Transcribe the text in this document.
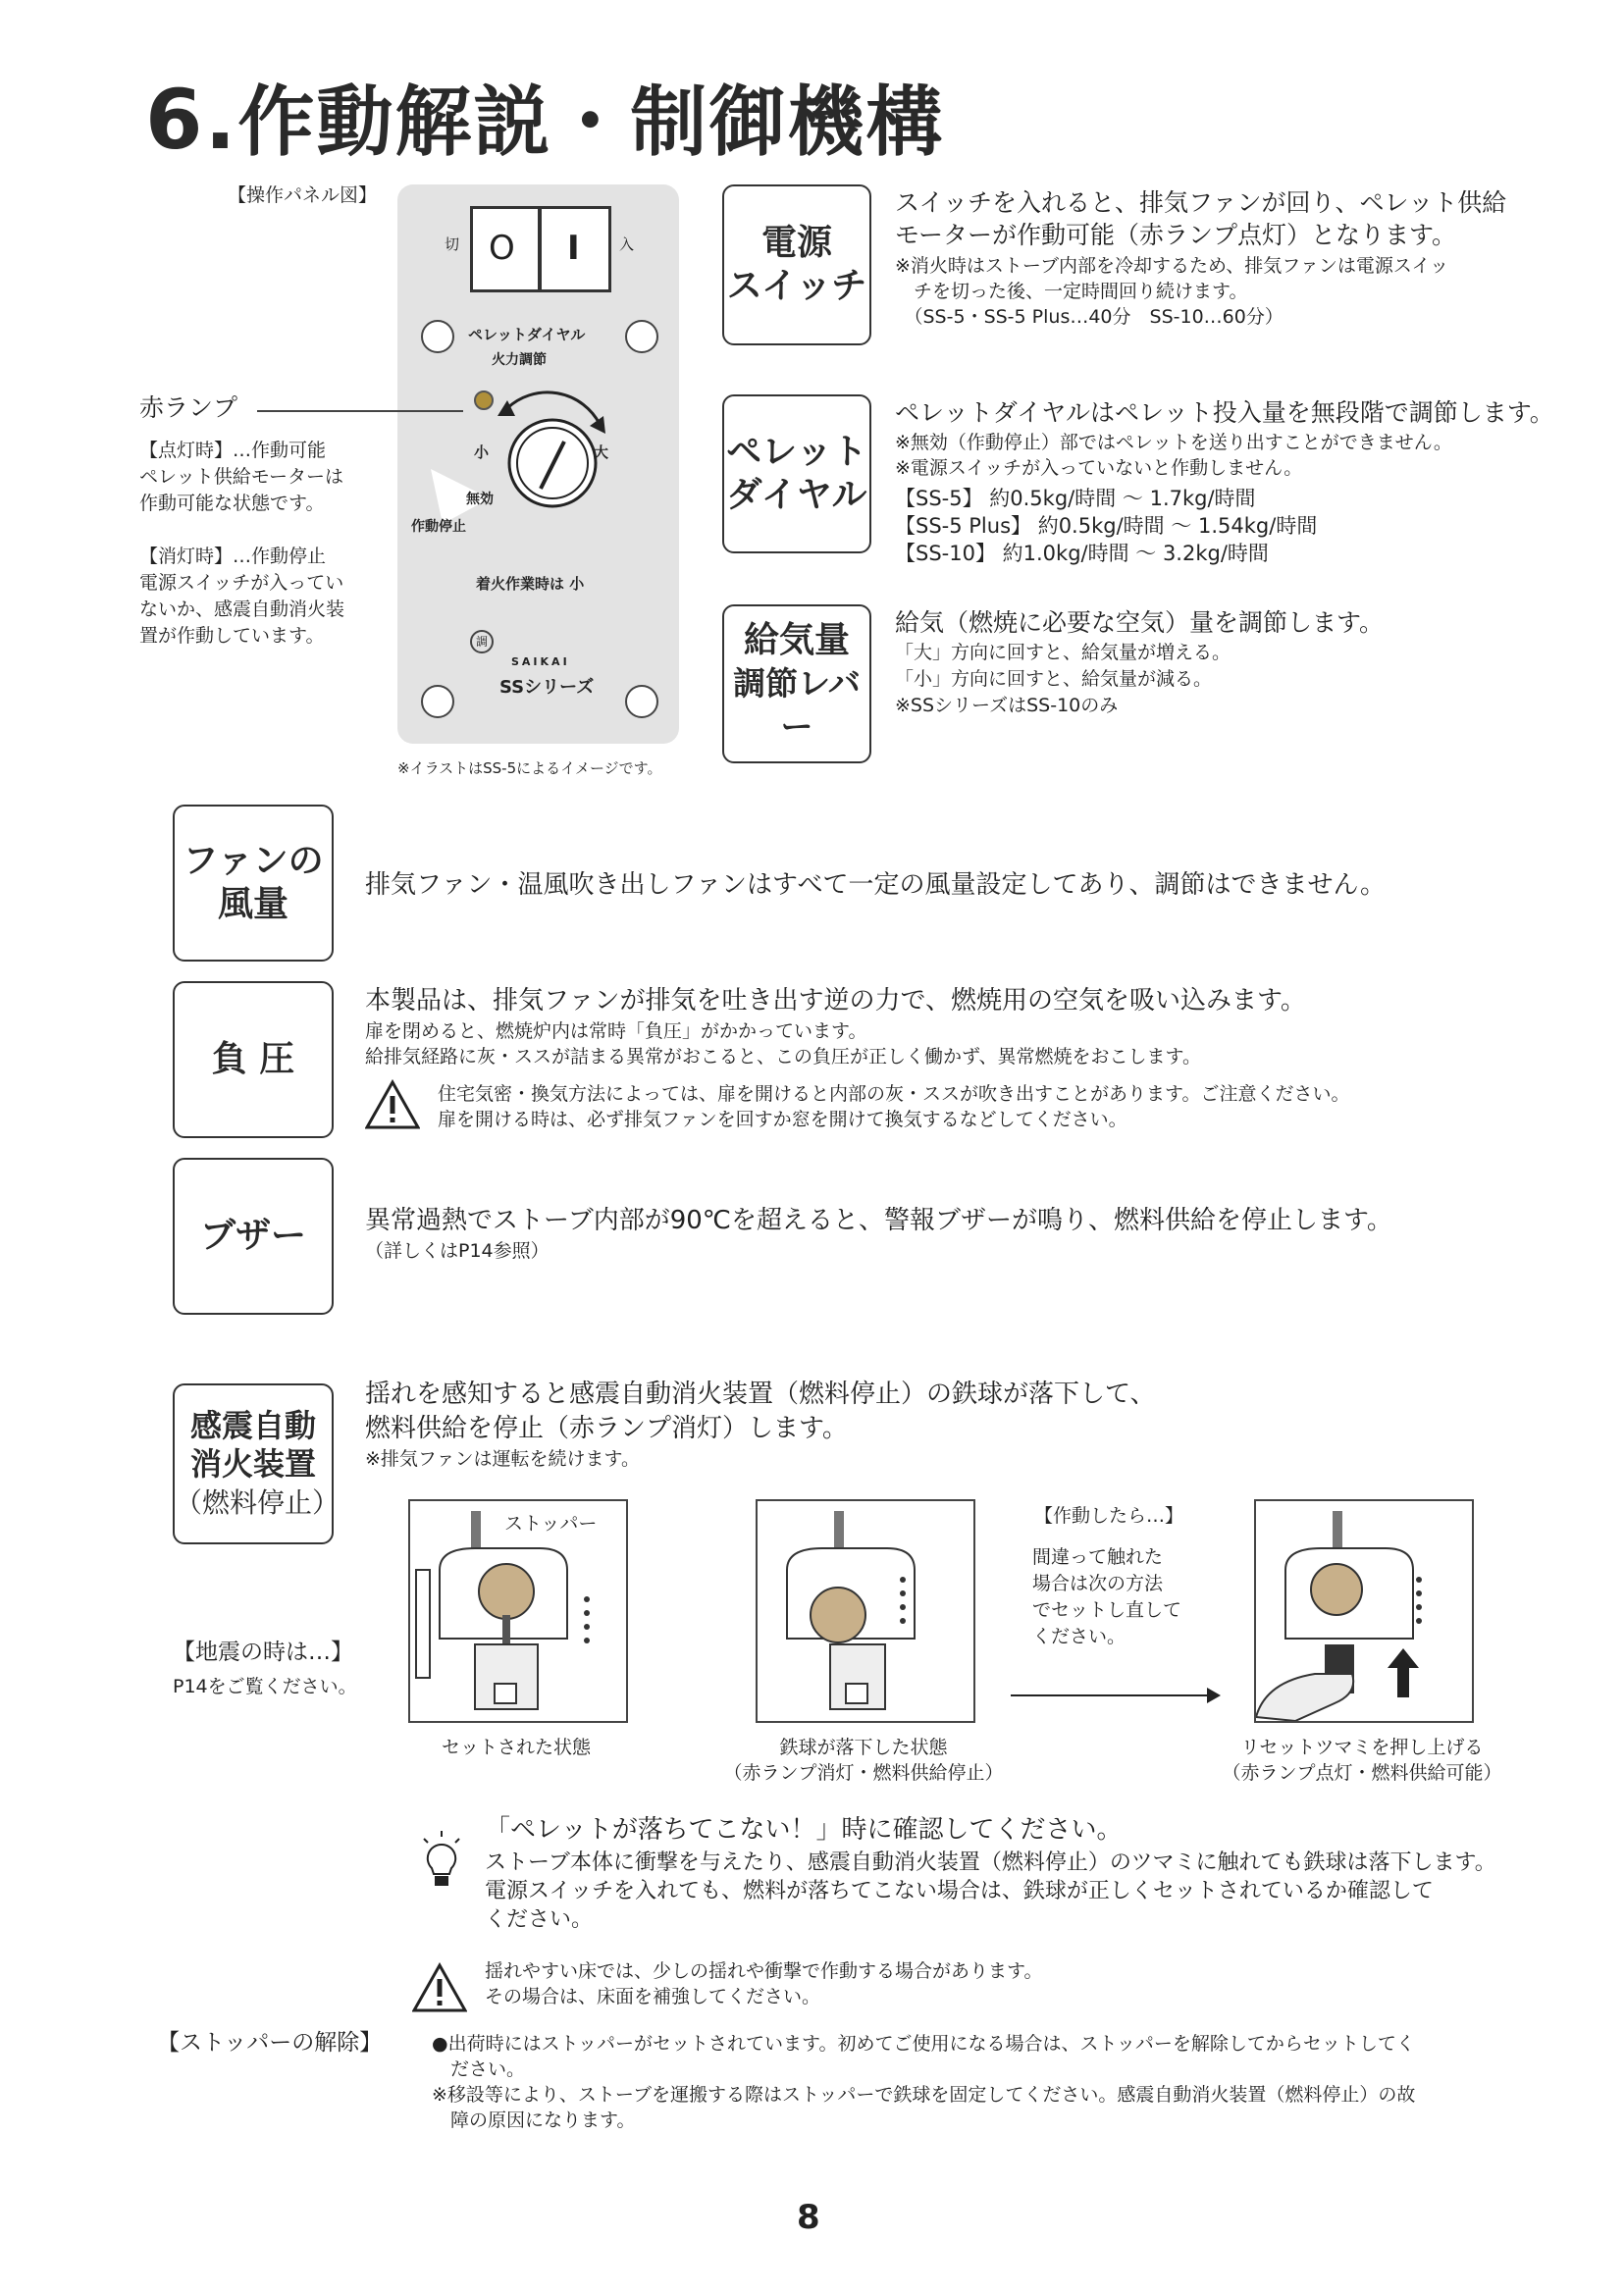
6.作動解説・制御機構
【操作パネル図】
切	入
O I
ペレットダイヤル
火力調節
小	大
無効
作動停止
着火作業時は 小
調
SAIKAI
SSシリーズ
※イラストはSS-5によるイメージです。
赤ランプ
【点灯時】…作動可能
ペレット供給モーターは
作動可能な状態です。
【消灯時】…作動停止
電源スイッチが入ってい
ないか、感震自動消火装
置が作動しています。
電源
スイッチ
スイッチを入れると、排気ファンが回り、ペレット供給
モーターが作動可能（赤ランプ点灯）となります。
※消火時はストーブ内部を冷却するため、排気ファンは電源スイッ
　チを切った後、一定時間回り続けます。
　（SS-5・SS-5 Plus…40分　SS-10…60分）
ペレット
ダイヤル
ペレットダイヤルはペレット投入量を無段階で調節します。
※無効（作動停止）部ではペレットを送り出すことができません。
※電源スイッチが入っていないと作動しません。
【SS-5】 約0.5kg/時間 ～ 1.7kg/時間
【SS-5 Plus】 約0.5kg/時間 ～ 1.54kg/時間
【SS-10】 約1.0kg/時間 ～ 3.2kg/時間
給気量
調節レバー
給気（燃焼に必要な空気）量を調節します。
「大」方向に回すと、給気量が増える。
「小」方向に回すと、給気量が減る。
※SSシリーズはSS-10のみ
ファンの
風量	排気ファン・温風吹き出しファンはすべて一定の風量設定してあり、調節はできません。
負 圧
本製品は、排気ファンが排気を吐き出す逆の力で、燃焼用の空気を吸い込みます。
扉を閉めると、燃焼炉内は常時「負圧」がかかっています。
給排気経路に灰・ススが詰まる異常がおこると、この負圧が正しく働かず、異常燃焼をおこします。
住宅気密・換気方法によっては、扉を開けると内部の灰・ススが吹き出すことがあります。ご注意ください。
扉を開ける時は、必ず排気ファンを回すか窓を開けて換気するなどしてください。
ブザー 異常過熱でストーブ内部が90℃を超えると、警報ブザーが鳴り、燃料供給を停止します。
（詳しくはP14参照）
感震自動
消火装置
（燃料停止）
揺れを感知すると感震自動消火装置（燃料停止）の鉄球が落下して、
燃料供給を停止（赤ランプ消灯）します。
※排気ファンは運転を続けます。
【地震の時は…】
P14をご覧ください。
ストッパー
セットされた状態	鉄球が落下した状態
（赤ランプ消灯・燃料供給停止）
【作動したら…】
間違って触れた
場合は次の方法
でセットし直して
ください。
リセットツマミを押し上げる
（赤ランプ点灯・燃料供給可能）
「ペレットが落ちてこない！」時に確認してください。
ストーブ本体に衝撃を与えたり、感震自動消火装置（燃料停止）のツマミに触れても鉄球は落下します。
電源スイッチを入れても、燃料が落ちてこない場合は、鉄球が正しくセットされているか確認して
ください。
揺れやすい床では、少しの揺れや衝撃で作動する場合があります。
その場合は、床面を補強してください。
【ストッパーの解除】	●出荷時にはストッパーがセットされています。初めてご使用になる場合は、ストッパーを解除してからセットしてく
　ださい。
※移設等により、ストーブを運搬する際はストッパーで鉄球を固定してください。感震自動消火装置（燃料停止）の故
　障の原因になります。
8
